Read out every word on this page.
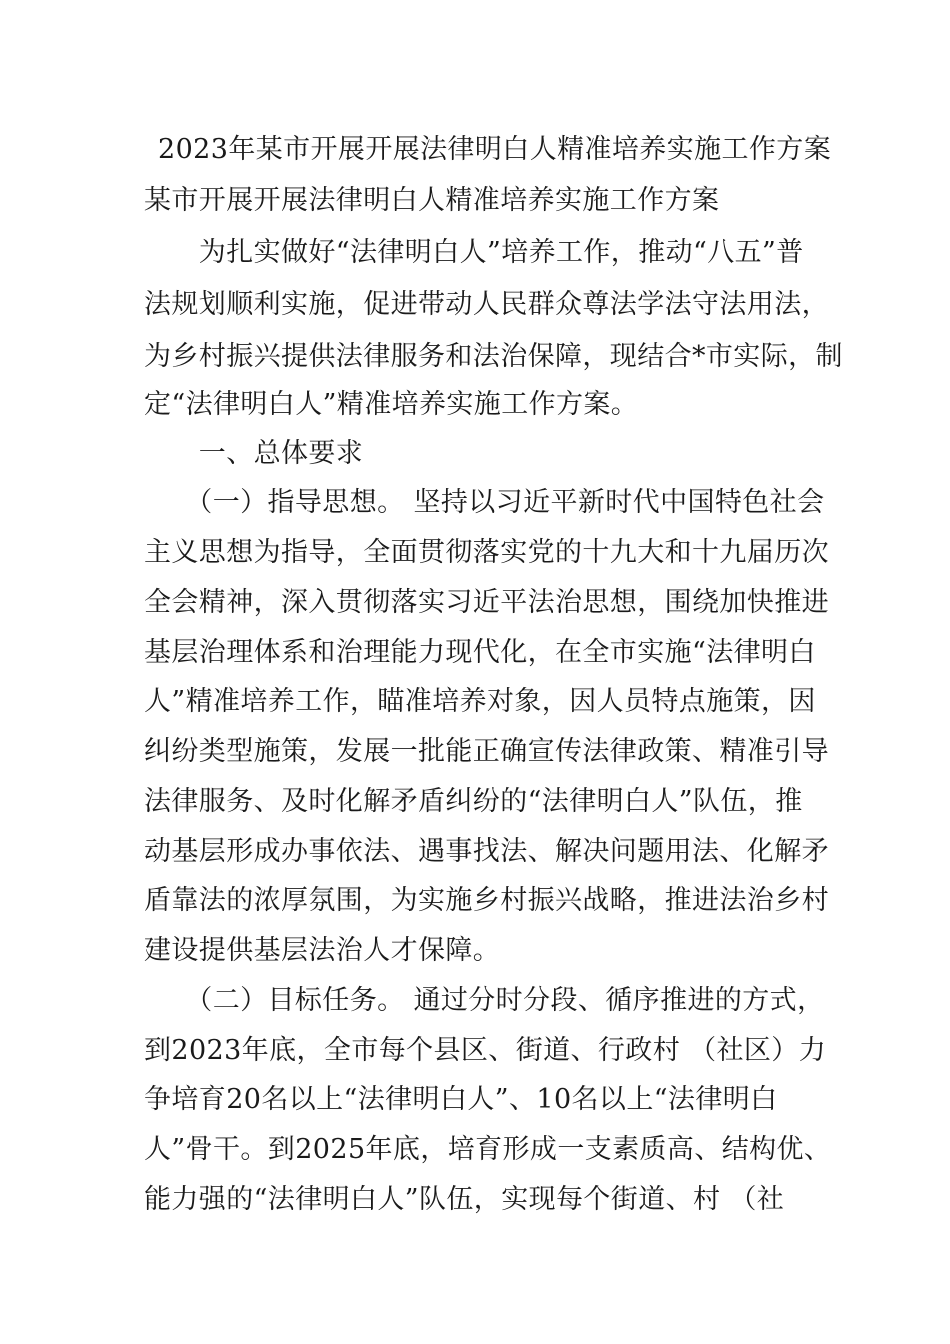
2023年某市开展开展法律明白人精准培养实施工作方案
某市开展开展法律明白人精准培养实施工作方案
　　为扎实做好“法律明白人”培养工作，推动“八五”普
法规划顺利实施，促进带动人民群众尊法学法守法用法，
为乡村振兴提供法律服务和法治保障，现结合*市实际，制
定“法律明白人”精准培养实施工作方案。
　　一、总体要求
　　（一）指导思想。 坚持以习近平新时代中国特色社会
主义思想为指导，全面贯彻落实党的十九大和十九届历次
全会精神，深入贯彻落实习近平法治思想，围绕加快推进
基层治理体系和治理能力现代化，在全市实施“法律明白
人”精准培养工作，瞄准培养对象，因人员特点施策，因
纠纷类型施策，发展一批能正确宣传法律政策、精准引导
法律服务、及时化解矛盾纠纷的“法律明白人”队伍，推
动基层形成办事依法、遇事找法、解决问题用法、化解矛
盾靠法的浓厚氛围，为实施乡村振兴战略，推进法治乡村
建设提供基层法治人才保障。
　　（二）目标任务。 通过分时分段、循序推进的方式，
到2023年底，全市每个县区、街道、行政村 （社区）力
争培育20名以上“法律明白人”、10名以上“法律明白
人”骨干。到2025年底，培育形成一支素质高、结构优、
能力强的“法律明白人”队伍，实现每个街道、村 （社
